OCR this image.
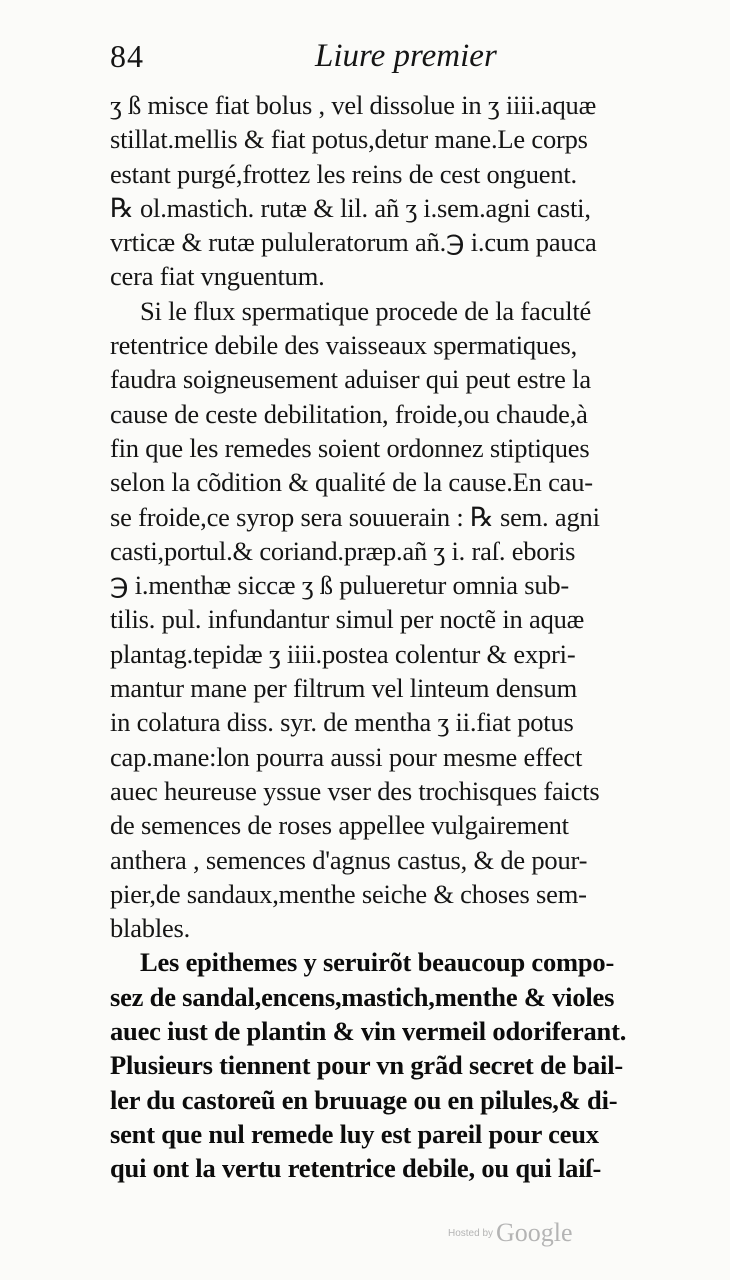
84	Liure premier
ʒ ß misce fiat bolus , vel dissolue in ʒ iiii.aquæ
stillat.mellis & fiat potus,detur mane.Le corps
estant purgé,frottez les reins de cest onguent.
℞ ol.mastich. rutæ & lil. añ ʒ i.sem.agni casti,
vrticæ & rutæ pululeratorum añ.℈ i.cum pauca
cera fiat vnguentum.
Si le flux spermatique procede de la faculté
retentrice debile des vaisseaux spermatiques,
faudra soigneusement aduiser qui peut estre la
cause de ceste debilitation, froide,ou chaude,à
fin que les remedes soient ordonnez stiptiques
selon la cõdition & qualité de la cause.En cau-
se froide,ce syrop sera souuerain : ℞ sem. agni
casti,portul.& coriand.præp.añ ʒ i. raſ. eboris
℈ i.menthæ siccæ ʒ ß pulueretur omnia sub-
tilis. pul. infundantur simul per noctẽ in aquæ
plantag.tepidæ ʒ iiii.postea colentur & expri-
mantur mane per filtrum vel linteum densum
in colatura diss. syr. de mentha ʒ ii.fiat potus
cap.mane:lon pourra aussi pour mesme effect
auec heureuse yssue vser des trochisques faicts
de semences de roses appellee vulgairement
anthera , semences d'agnus castus, & de pour-
pier,de sandaux,menthe seiche & choses sem-
blables.
Les epithemes y seruirõt beaucoup compo-
sez de sandal,encens,mastich,menthe & violes
auec iust de plantin & vin vermeil odoriferant.
Plusieurs tiennent pour vn grãd secret de bail-
ler du castoreũ en bruuage ou en pilules,& di-
sent que nul remede luy est pareil pour ceux
qui ont la vertu retentrice debile, ou qui laiſ-
Hosted by Google
